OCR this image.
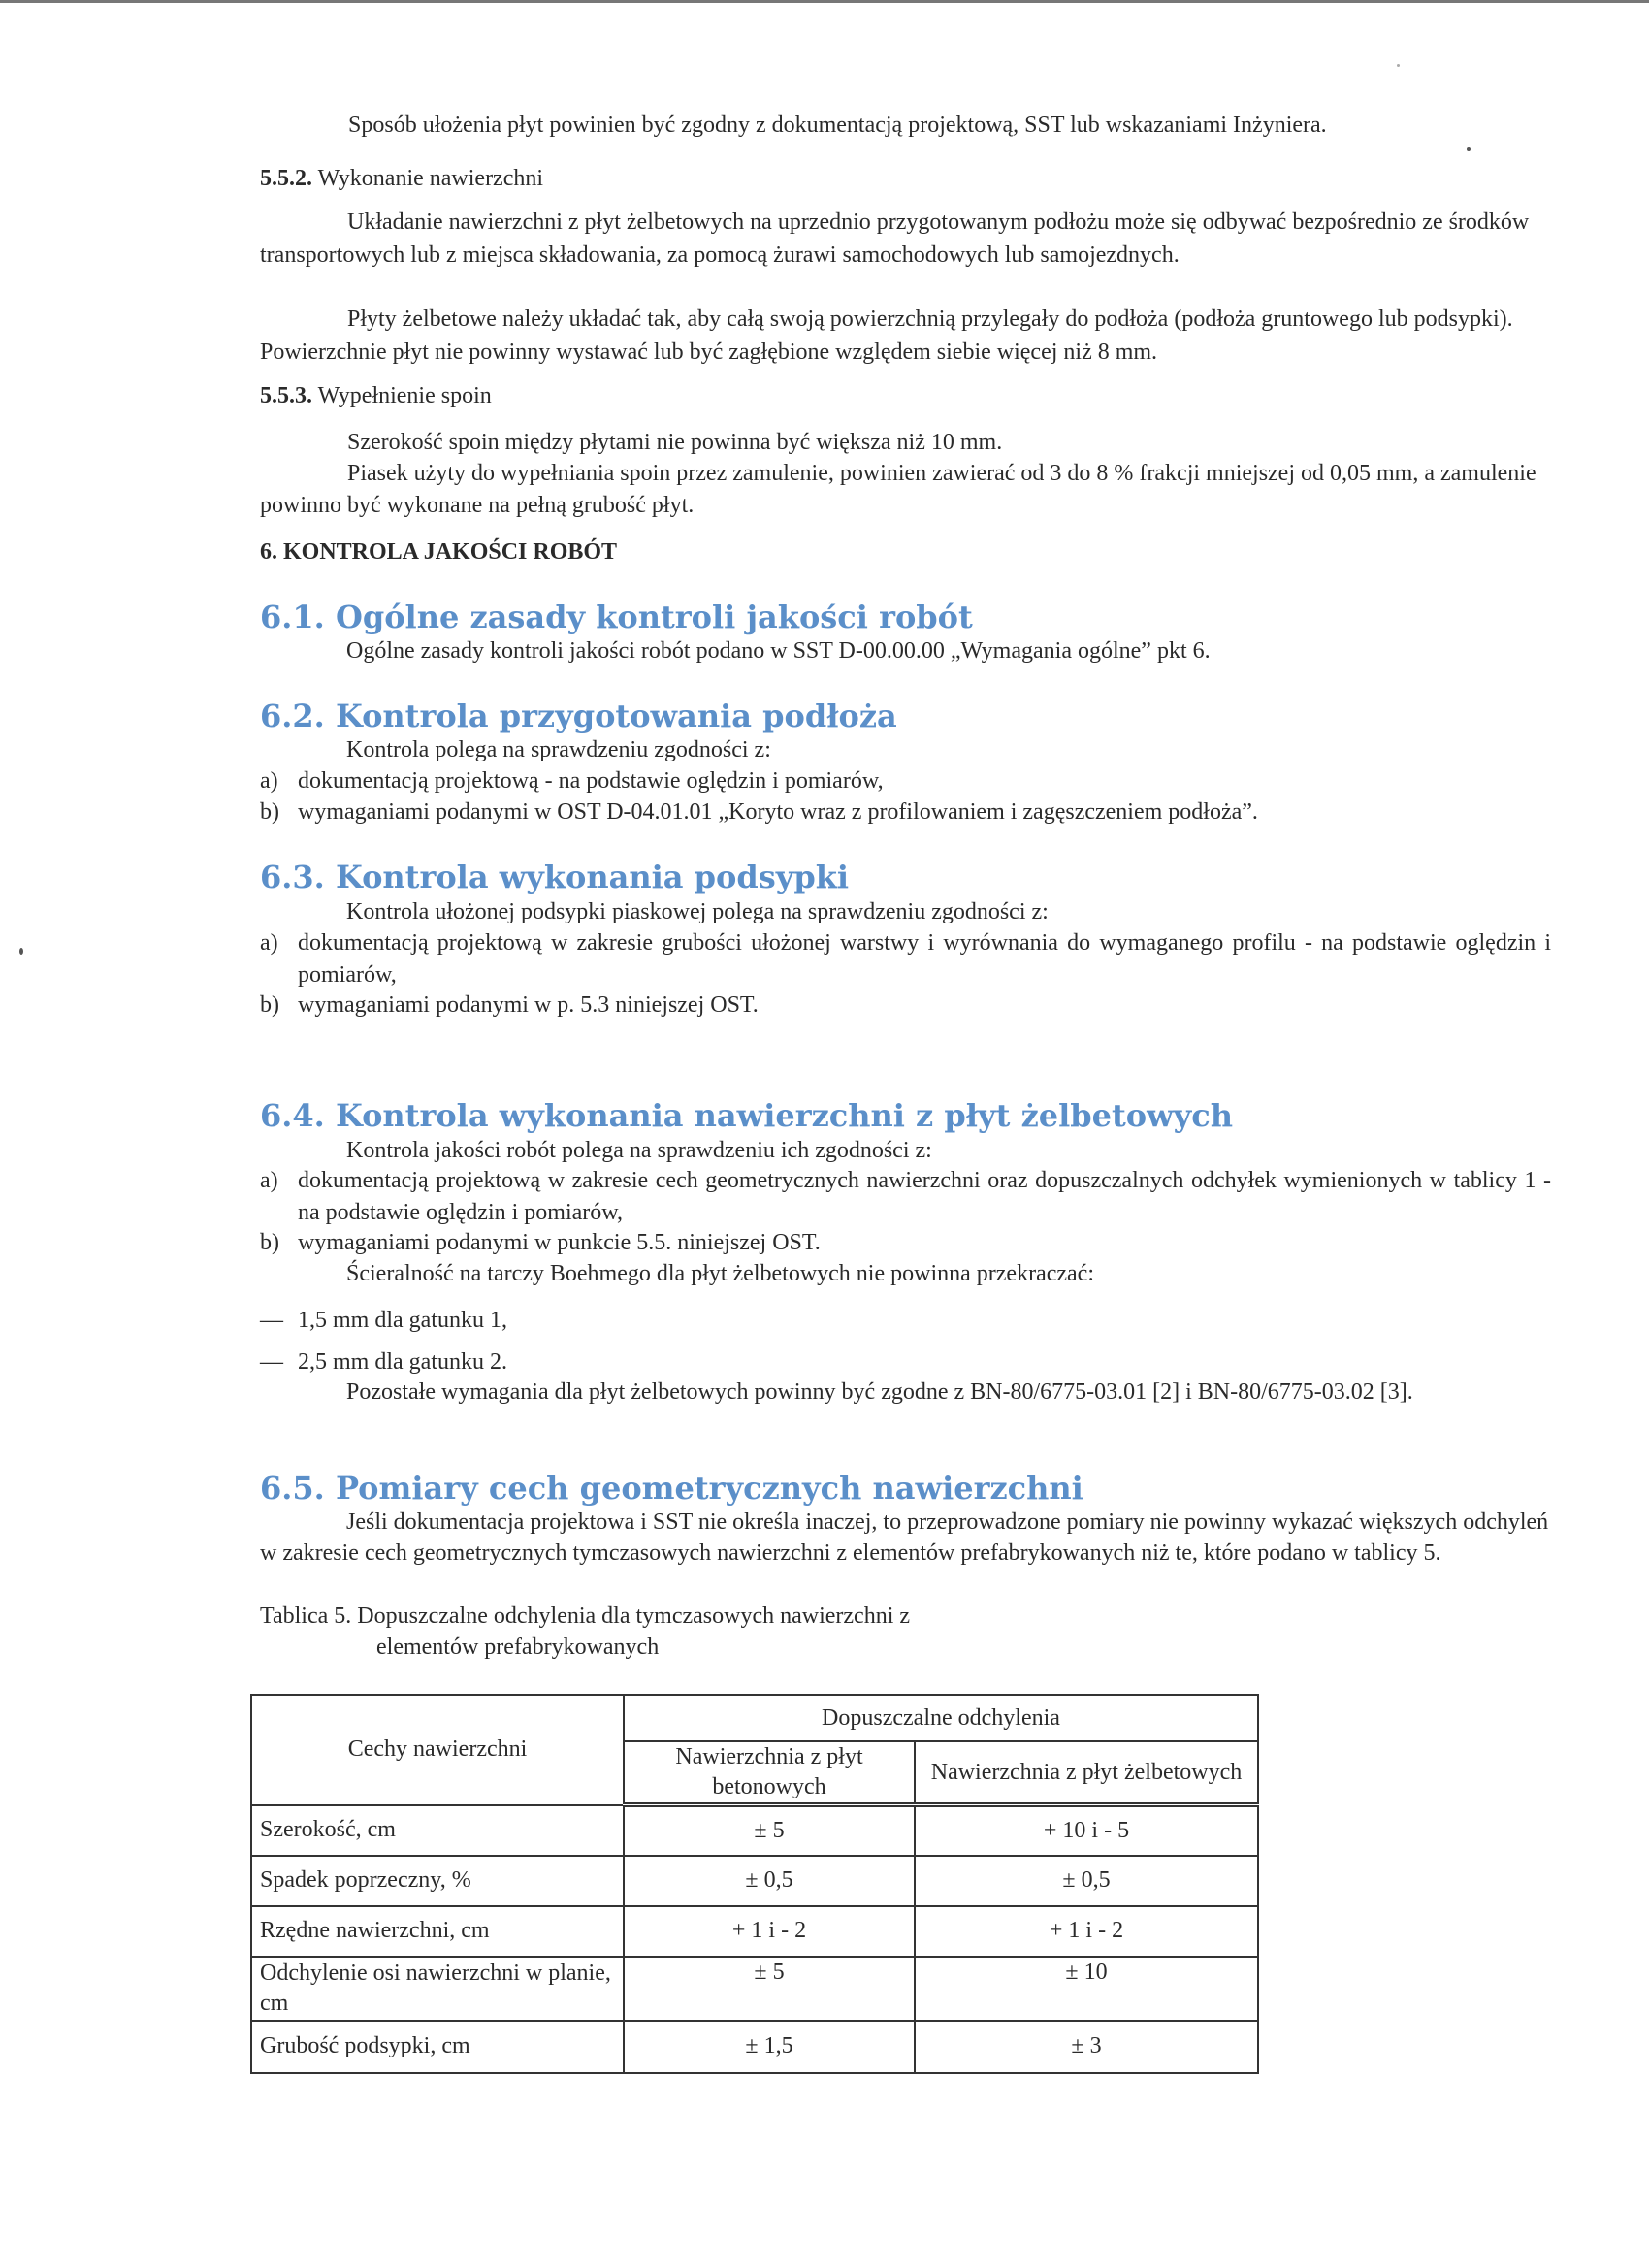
Sposób ułożenia płyt powinien być zgodny z dokumentacją projektową, SST lub wskazaniami Inżyniera.
5.5.2. Wykonanie nawierzchni
Układanie nawierzchni z płyt żelbetowych na uprzednio przygotowanym podłożu może się odbywać bezpośrednio ze środków transportowych lub z miejsca składowania, za pomocą żurawi samochodowych lub samojezdnych.
Płyty żelbetowe należy układać tak, aby całą swoją powierzchnią przylegały do podłoża (podłoża gruntowego lub podsypki). Powierzchnie płyt nie powinny wystawać lub być zagłębione względem siebie więcej niż 8 mm.
5.5.3. Wypełnienie spoin
Szerokość spoin między płytami nie powinna być większa niż 10 mm.
Piasek użyty do wypełniania spoin przez zamulenie, powinien zawierać od 3 do 8 % frakcji mniejszej od 0,05 mm, a zamulenie powinno być wykonane na pełną grubość płyt.
6. KONTROLA JAKOŚCI ROBÓT
6.1. Ogólne zasady kontroli jakości robót
Ogólne zasady kontroli jakości robót podano w SST D-00.00.00 „Wymagania ogólne” pkt 6.
6.2. Kontrola przygotowania podłoża
Kontrola polega na sprawdzeniu zgodności z:
a) dokumentacją projektową - na podstawie oględzin i pomiarów,
b) wymaganiami podanymi w OST D-04.01.01 „Koryto wraz z profilowaniem i zagęszczeniem podłoża”.
6.3. Kontrola wykonania podsypki
Kontrola ułożonej podsypki piaskowej polega na sprawdzeniu zgodności z:
a) dokumentacją projektową w zakresie grubości ułożonej warstwy i wyrównania do wymaganego profilu - na podstawie oględzin i pomiarów,
b) wymaganiami podanymi w p. 5.3 niniejszej OST.
6.4. Kontrola wykonania nawierzchni z płyt żelbetowych
Kontrola jakości robót polega na sprawdzeniu ich zgodności z:
a) dokumentacją projektową w zakresie cech geometrycznych nawierzchni oraz dopuszczalnych odchyłek wymienionych w tablicy 1 - na podstawie oględzin i pomiarów,
b) wymaganiami podanymi w punkcie 5.5. niniejszej OST.
Ścieralność na tarczy Boehmego dla płyt żelbetowych nie powinna przekraczać:
— 1,5 mm dla gatunku 1,
— 2,5 mm dla gatunku 2.
Pozostałe wymagania dla płyt żelbetowych powinny być zgodne z BN-80/6775-03.01 [2] i BN-80/6775-03.02 [3].
6.5. Pomiary cech geometrycznych nawierzchni
Jeśli dokumentacja projektowa i SST nie określa inaczej, to przeprowadzone pomiary nie powinny wykazać większych odchyleń w zakresie cech geometrycznych tymczasowych nawierzchni z elementów prefabrykowanych niż te, które podano w tablicy 5.
Tablica 5. Dopuszczalne odchylenia dla tymczasowych nawierzchni z
elementów prefabrykowanych
Cechy nawierzchni	Dopuszczalne odchylenia	
	Nawierzchnia z płyt betonowych	Nawierzchnia z płyt żelbetowych
Szerokość, cm	± 5	+ 10 i - 5
Spadek poprzeczny, %	± 0,5	± 0,5
Rzędne nawierzchni, cm	+ 1 i - 2	+ 1 i - 2
Odchylenie osi nawierzchni w planie, cm	± 5	± 10
Grubość podsypki, cm	± 1,5	± 3
